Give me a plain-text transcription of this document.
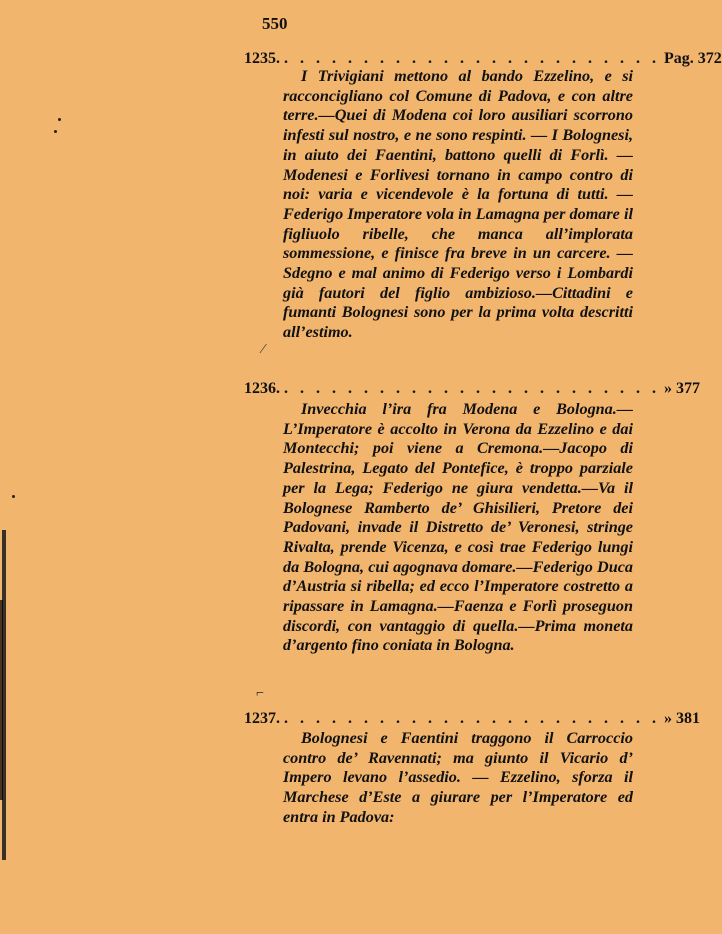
550
1235. . . . . . . . . . . . . . . . . . . . . . . . . Pag. 372

I Trivigiani mettono al bando Ezzelino, e si racconcigliano col Comune di Padova, e con altre terre.—Quei di Modena coi loro ausiliari scorrono infesti sul nostro, e ne sono respinti. — I Bolognesi, in aiuto dei Faentini, battono quelli di Forlì. — Modenesi e Forlivesi tornano in campo contro di noi: varia e vicendevole è la fortuna di tutti. — Federigo Imperatore vola in Lamagna per domare il figliuolo ribelle, che manca all’implorata sommessione, e finisce fra breve in un carcere. — Sdegno e mal animo di Federigo verso i Lombardi già fautori del figlio ambizioso.—Cittadini e fumanti Bolognesi sono per la prima volta descritti all’estimo.

1236. . . . . . . . . . . . . . . . . . . . . . . . . » 377

Invecchia l’ira fra Modena e Bologna.— L’Imperatore è accolto in Verona da Ezzelino e dai Montecchi; poi viene a Cremona.—Jacopo di Palestrina, Legato del Pontefice, è troppo parziale per la Lega; Federigo ne giura vendetta.—Va il Bolognese Ramberto de’ Ghisilieri, Pretore dei Padovani, invade il Distretto de’ Veronesi, stringe Rivalta, prende Vicenza, e così trae Federigo lungi da Bologna, cui agognava domare.—Federigo Duca d’Austria si ribella; ed ecco l’Imperatore costretto a ripassare in Lamagna.—Faenza e Forlì proseguon discordi, con vantaggio di quella.—Prima moneta d’argento fino coniata in Bologna.

1237. . . . . . . . . . . . . . . . . . . . . . . . . » 381

Bolognesi e Faentini traggono il Carroccio contro de’ Ravennati; ma giunto il Vicario d’ Impero levano l’assedio. — Ezzelino, sforza il Marchese d’Este a giurare per l’Imperatore ed entra in Padova:

⁄
⌐
